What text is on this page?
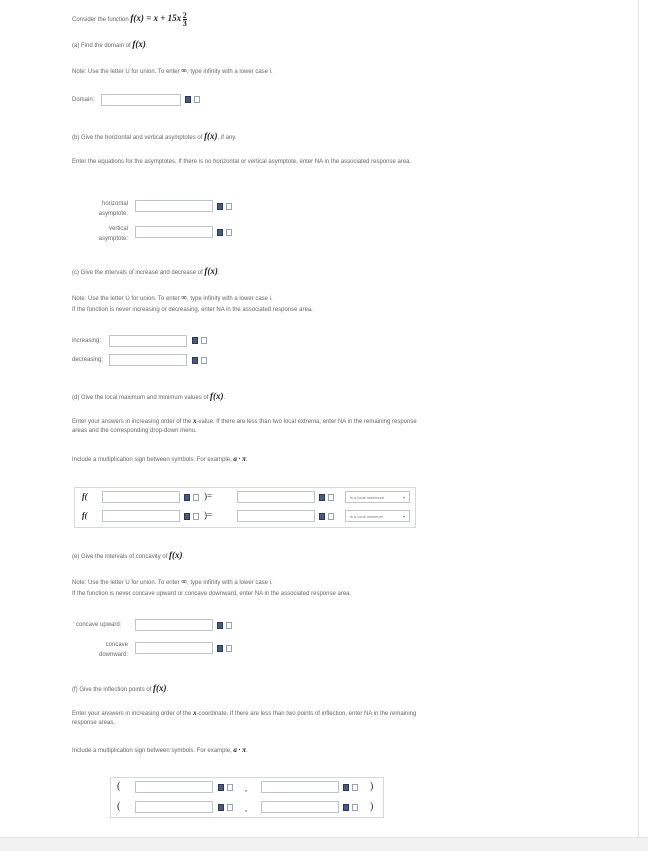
Consider the function $f(x) = x + 15x \frac{2}{3}$ .
(a) Find the domain of f(x).
Note: Use the letter U for union. To enter ∞, type infinity with a lower case i.
Domain:
(b) Give the horizontal and vertical asymptotes of f(x), if any.
Enter the equations for the asymptotes. If there is no horizontal or vertical asymptote, enter NA in the associated response area.
horizontal
asymptote:
vertical
asymptote:
(c) Give the intervals of increase and decrease of f(x).
Note: Use the letter U for union. To enter ∞, type infinity with a lower case i.
If the function is never increasing or decreasing, enter NA in the associated response area.
increasing:
decreasing:
(d) Give the local maximum and minimum values of f(x).
Enter your answers in increasing order of the x-value. If there are less than two local extrema, enter NA in the remaining response areas and the corresponding drop-down menu.
Include a multiplication sign between symbols. For example, a · π.
f(	)=	is a local maximum	▾
f(	)=	is a local minimum	▾
(e) Give the intervals of concavity of f(x).
Note: Use the letter U for union. To enter ∞, type infinity with a lower case i.
If the function is never concave upward or concave downward, enter NA in the associated response area.
concave upward:
concave
downward:
(f) Give the inflection points of f(x).
Enter your answers in increasing order of the x-coordinate. If there are less than two points of inflection, enter NA in the remaining response areas.
Include a multiplication sign between symbols. For example, a · π.
(	,	)
(	,	)
